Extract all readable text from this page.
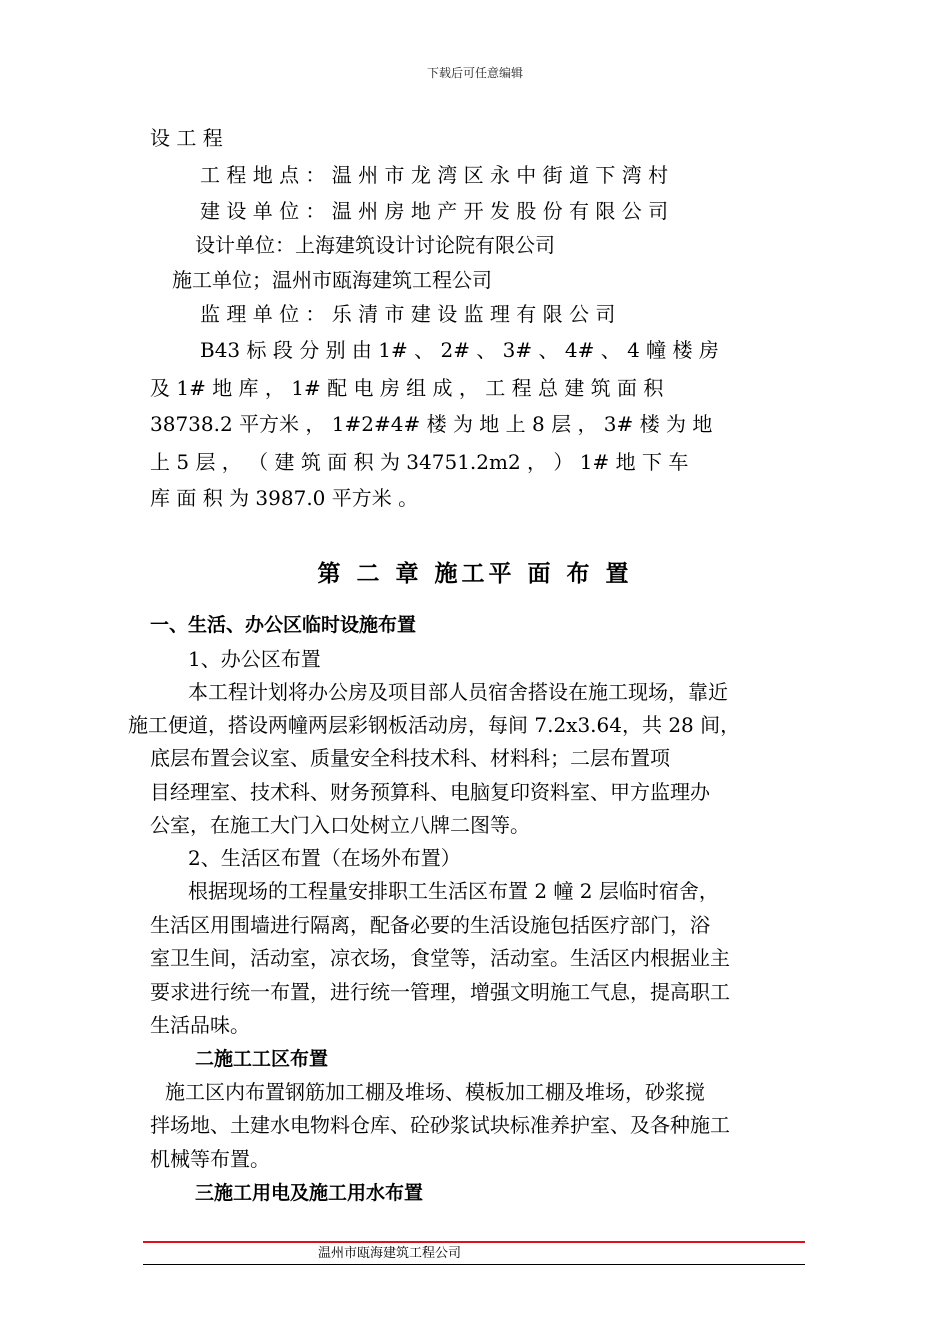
下载后可任意编辑
设 工 程
工 程 地 点 ： 温 州 市 龙 湾 区 永 中 街 道 下 湾 村
建 设 单 位 ： 温 州 房 地 产 开 发 股 份 有 限 公 司
设计单位：上海建筑设计讨论院有限公司
施工单位；温州市瓯海建筑工程公司
监 理 单 位 ： 乐 清 市 建 设 监 理 有 限 公 司
B43 标 段 分 别 由 1# 、 2# 、 3# 、 4# 、 4 幢 楼 房
及 1# 地 库 ， 1# 配 电 房 组 成 ， 工 程 总 建 筑 面 积
38738.2 平方米 ， 1#2#4# 楼 为 地 上 8 层 ， 3# 楼 为 地
上 5 层 ， （ 建 筑 面 积 为 34751.2m2 ， ） 1# 地 下 车
库 面 积 为 3987.0 平方米 。
第 二 章 施工平 面 布 置
一、生活、办公区临时设施布置
1、办公区布置
本工程计划将办公房及项目部人员宿舍搭设在施工现场，靠近
施工便道，搭设两幢两层彩钢板活动房，每间 7.2x3.64，共 28 间，
底层布置会议室、质量安全科技术科、材料科；二层布置项
目经理室、技术科、财务预算科、电脑复印资料室、甲方监理办
公室，在施工大门入口处树立八牌二图等。
2、生活区布置（在场外布置）
根据现场的工程量安排职工生活区布置 2 幢 2 层临时宿舍，
生活区用围墙进行隔离，配备必要的生活设施包括医疗部门，浴
室卫生间，活动室，凉衣场，食堂等，活动室。生活区内根据业主
要求进行统一布置，进行统一管理，增强文明施工气息，提高职工
生活品味。
二施工工区布置
施工区内布置钢筋加工棚及堆场、模板加工棚及堆场，砂浆搅
拌场地、土建水电物料仓库、砼砂浆试块标准养护室、及各种施工
机械等布置。
三施工用电及施工用水布置
温州市瓯海建筑工程公司
